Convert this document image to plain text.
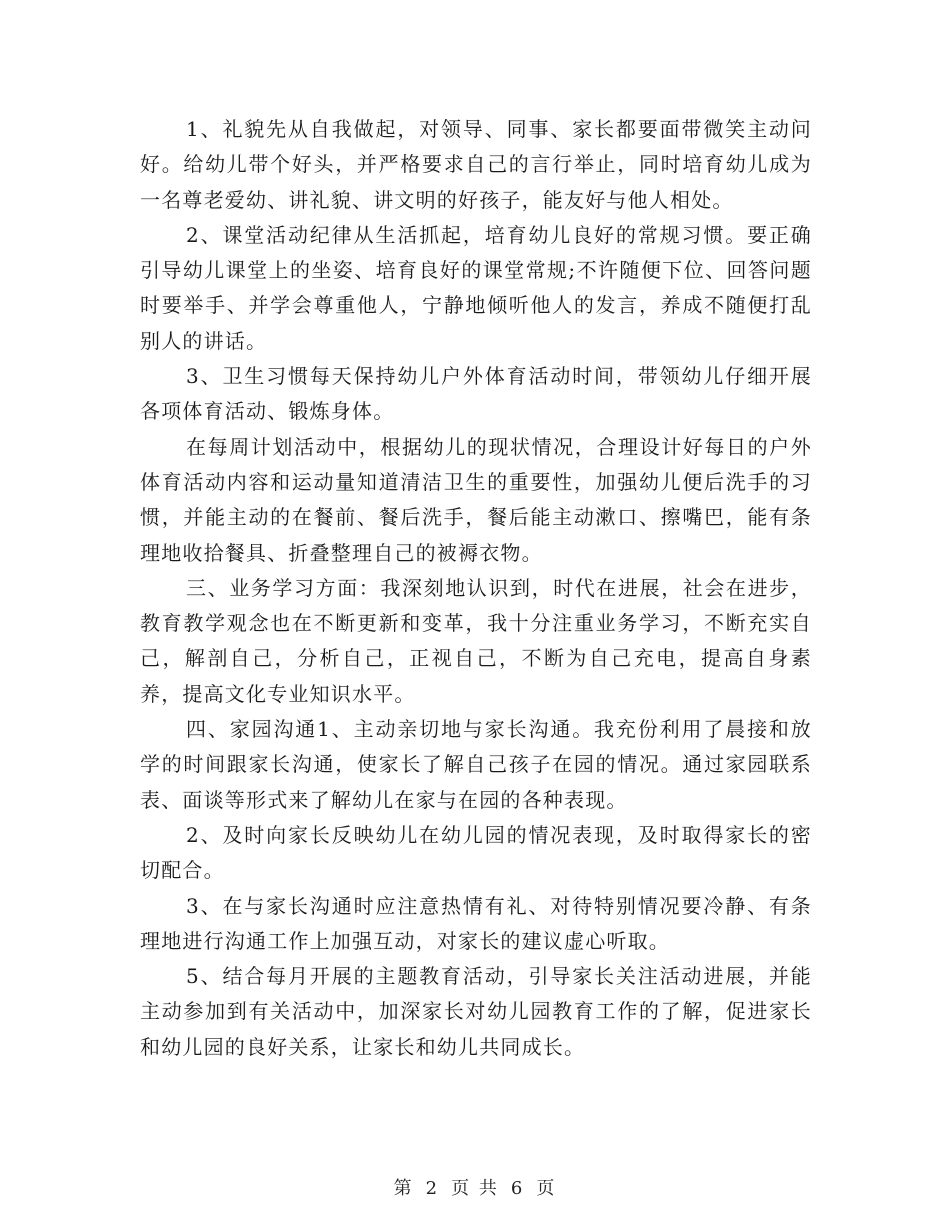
1、礼貌先从自我做起，对领导、同事、家长都要面带微笑主动问好。给幼儿带个好头，并严格要求自己的言行举止，同时培育幼儿成为一名尊老爱幼、讲礼貌、讲文明的好孩子，能友好与他人相处。

2、课堂活动纪律从生活抓起，培育幼儿良好的常规习惯。要正确引导幼儿课堂上的坐姿、培育良好的课堂常规;不许随便下位、回答问题时要举手、并学会尊重他人，宁静地倾听他人的发言，养成不随便打乱别人的讲话。

3、卫生习惯每天保持幼儿户外体育活动时间，带领幼儿仔细开展各项体育活动、锻炼身体。

在每周计划活动中，根据幼儿的现状情况，合理设计好每日的户外体育活动内容和运动量知道清洁卫生的重要性，加强幼儿便后洗手的习惯，并能主动的在餐前、餐后洗手，餐后能主动漱口、擦嘴巴，能有条理地收拾餐具、折叠整理自己的被褥衣物。

三、业务学习方面：我深刻地认识到，时代在进展，社会在进步，教育教学观念也在不断更新和变革，我十分注重业务学习，不断充实自己，解剖自己，分析自己，正视自己，不断为自己充电，提高自身素养，提高文化专业知识水平。

四、家园沟通1、主动亲切地与家长沟通。我充份利用了晨接和放学的时间跟家长沟通，使家长了解自己孩子在园的情况。通过家园联系表、面谈等形式来了解幼儿在家与在园的各种表现。

2、及时向家长反映幼儿在幼儿园的情况表现，及时取得家长的密切配合。

3、在与家长沟通时应注意热情有礼、对待特别情况要冷静、有条理地进行沟通工作上加强互动，对家长的建议虚心听取。

5、结合每月开展的主题教育活动，引导家长关注活动进展，并能主动参加到有关活动中，加深家长对幼儿园教育工作的了解，促进家长和幼儿园的良好关系，让家长和幼儿共同成长。

第 2 页 共 6 页
